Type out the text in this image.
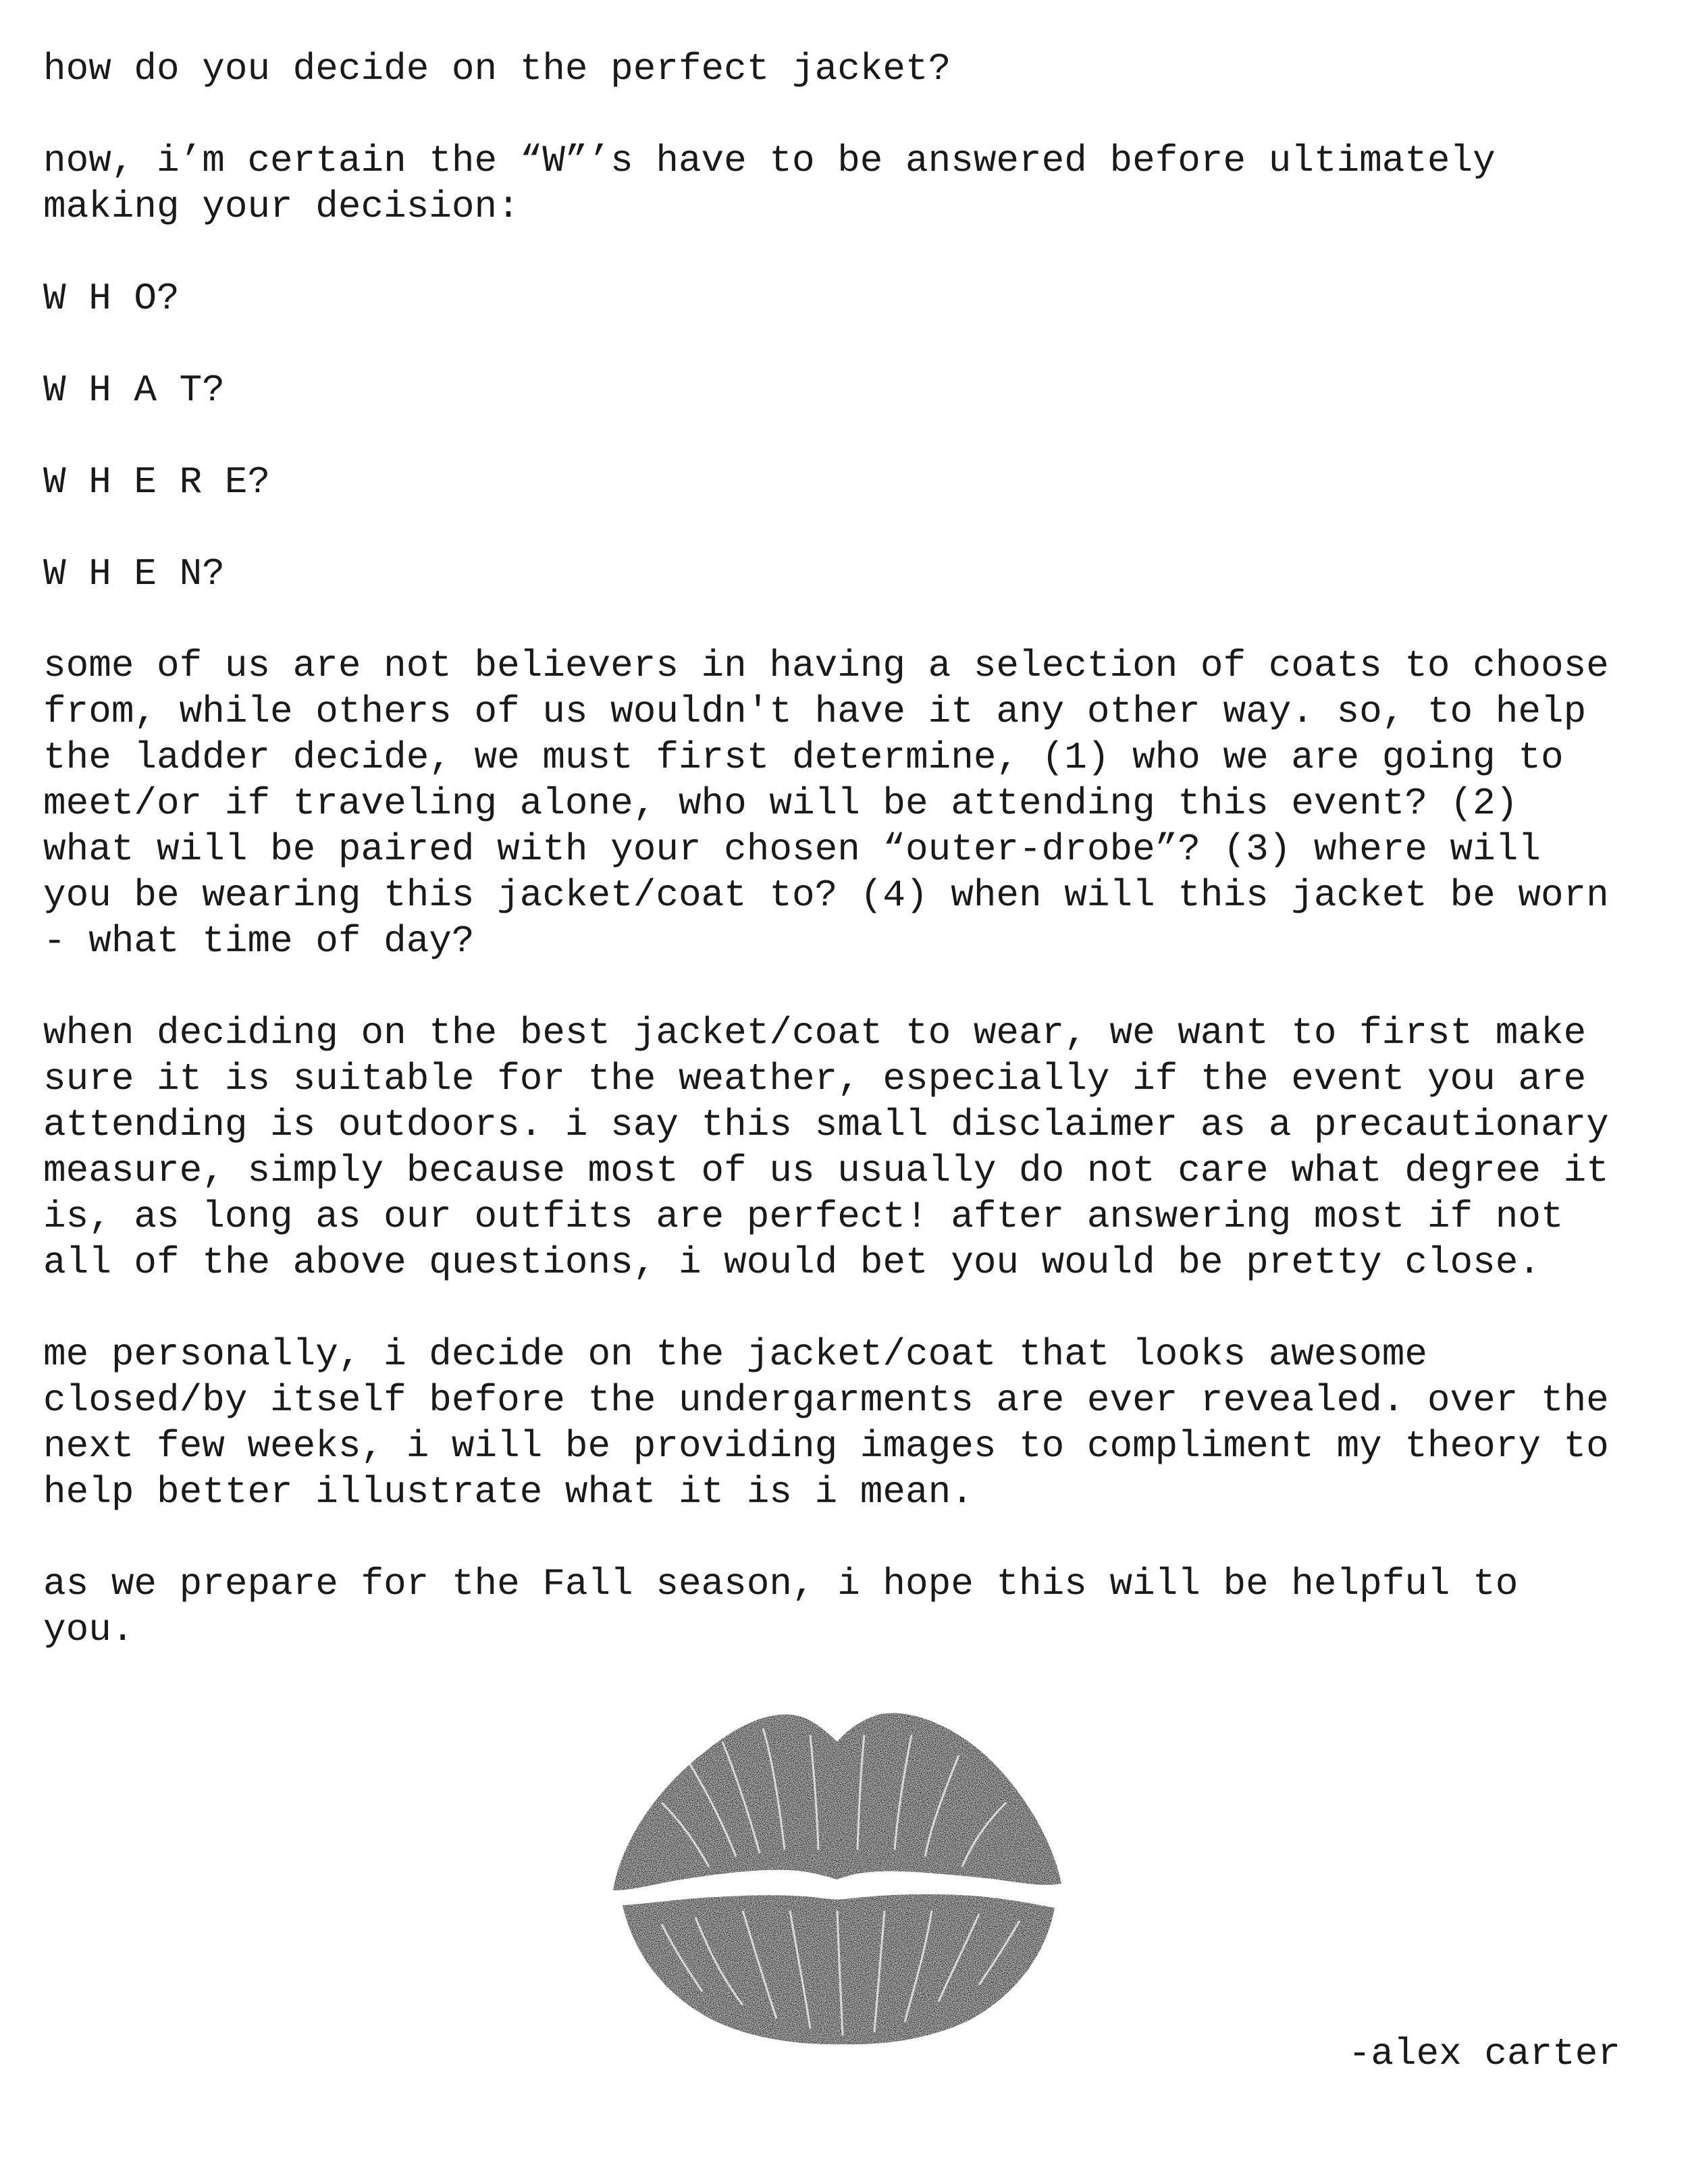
how do you decide on the perfect jacket?
now, i’m certain the “W”’s have to be answered before ultimately
making your decision:
W H O?
W H A T?
W H E R E?
W H E N?
some of us are not believers in having a selection of coats to choose
from, while others of us wouldn't have it any other way. so, to help
the ladder decide, we must first determine, (1) who we are going to
meet/or if traveling alone, who will be attending this event? (2)
what will be paired with your chosen “outer-drobe”? (3) where will
you be wearing this jacket/coat to? (4) when will this jacket be worn
- what time of day?
when deciding on the best jacket/coat to wear, we want to first make
sure it is suitable for the weather, especially if the event you are
attending is outdoors. i say this small disclaimer as a precautionary
measure, simply because most of us usually do not care what degree it
is, as long as our outfits are perfect! after answering most if not
all of the above questions, i would bet you would be pretty close.
me personally, i decide on the jacket/coat that looks awesome
closed/by itself before the undergarments are ever revealed. over the
next few weeks, i will be providing images to compliment my theory to
help better illustrate what it is i mean.
as we prepare for the Fall season, i hope this will be helpful to
you.
-alex carter
